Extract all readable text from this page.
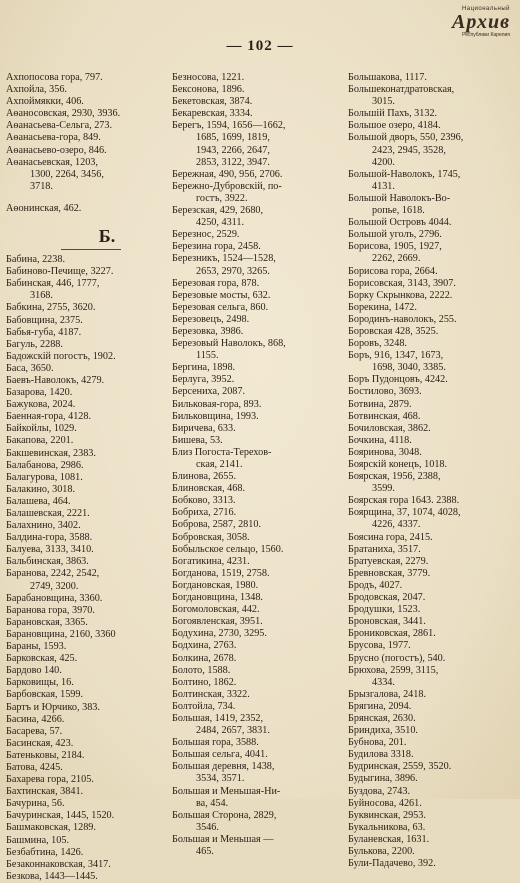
Национальный
Архив
Республики Карелия
— 102 —
Ахпопосова гора, 797.
Ахпойла, 356.
Ахпоймякки, 406.
Аѳаносовская, 2930, 3936.
Аѳанасьева-Сельга, 273.
Аѳанасьева-гора, 849.
Аѳанасьево-озеро, 846.
Аѳанасьевская, 1203,
1300, 2264, 3456,
3718.
Аѳонинская, 462.
Б.
Бабина, 2238.
Бабиново-Печище, 3227.
Бабинская, 446, 1777,
3168.
Бабкина, 2755, 3620.
Бабовщина, 2375.
Бабья-губа, 4187.
Багуль, 2288.
Бадожскій погостъ, 1902.
Баса, 3650.
Баевъ-Наволокъ, 4279.
Базарова, 1420.
Бажукова, 2024.
Баенная-гора, 4128.
Байкойлы, 1029.
Бакапова, 2201.
Бакшевинская, 2383.
Балабанова, 2986.
Балагурова, 1081.
Балакино, 3018.
Балашева, 464.
Балашевская, 2221.
Балахнино, 3402.
Балдина-гора, 3588.
Балуева, 3133, 3410.
Бальбинская, 3863.
Баранова, 2242, 2542,
2749, 3200.
Барабановщина, 3360.
Баранова гора, 3970.
Барановская, 3365.
Барановщина, 2160, 3360
Бараны, 1593.
Барковская, 425.
Бардово 140.
Барковищы, 16.
Барбовская, 1599.
Бартъ и Юрчико, 383.
Басина, 4266.
Басарева, 57.
Басинская, 423.
Батеньковы, 2184.
Батова, 4245.
Бахарева гора, 2105.
Бахтинская, 3841.
Бачурина, 56.
Бачуринская, 1445, 1520.
Башмаковская, 1289.
Башмина, 105.
Безбабтина, 1426.
Безаконнаковская, 3417.
Безкова, 1443—1445.
Безносова, 1221.
Бексонова, 1896.
Бекетовская, 3874.
Бекаревская, 3334.
Берегъ, 1594, 1656—1662,
1685, 1699, 1819,
1943, 2266, 2647,
2853, 3122, 3947.
Бережная, 490, 956, 2706.
Бережно-Дубровскій, по-
гостъ, 3922.
Березская, 429, 2680,
4250, 4311.
Березнос, 2529.
Березина гора, 2458.
Березникъ, 1524—1528,
2653, 2970, 3265.
Березовая гора, 878.
Березовые мосты, 632.
Березовая сельга, 860.
Березовецъ, 2498.
Березовка, 3986.
Березовый Наволокъ, 868,
1155.
Бергина, 1898.
Берлуга, 3952.
Берсениха, 2087.
Бильковая-гора, 893.
Бильковщина, 1993.
Биричева, 633.
Бишева, 53.
Близ Погоста-Терехов-
ская, 2141.
Блинова, 2655.
Блиновская, 468.
Бобково, 3313.
Бобриха, 2716.
Боброва, 2587, 2810.
Бобровская, 3058.
Бобыльское сельцо, 1560.
Богатикина, 4231.
Богданова, 1519, 2758.
Богдановская, 1980.
Богдановщина, 1348.
Богомоловская, 442.
Богоявленская, 3951.
Бодухина, 2730, 3295.
Бодхина, 2763.
Болкина, 2678.
Болото, 1588.
Болтино, 1862.
Болтинская, 3322.
Болтойла, 734.
Большая, 1419, 2352,
2484, 2657, 3831.
Большая гора, 3588.
Большая сельга, 4041.
Большая деревня, 1438,
3534, 3571.
Большая и Меньшая-Ни-
ва, 454.
Большая Сторона, 2829,
3546.
Большая и Меньшая —
465.
Большакова, 1117.
Большеконатдратовская,
3015.
Большій Пахъ, 3132.
Большое озеро, 4184.
Большой дворъ, 550, 2396,
2423, 2945, 3528,
4200.
Большой-Наволокъ, 1745,
4131.
Большой Наволокъ-Во-
ропье, 1618.
Большой Островъ 4044.
Большой уголъ, 2796.
Борисова, 1905, 1927,
2262, 2669.
Борисова гора, 2664.
Борисовская, 3143, 3907.
Борку Скрынкова, 2222.
Борекина, 1472.
Бородинъ-наволокъ, 255.
Боровская 428, 3525.
Боровъ, 3248.
Боръ, 916, 1347, 1673,
1698, 3040, 3385.
Боръ Пудонцовъ, 4242.
Бостилово, 3693.
Ботвина, 2879.
Ботвинская, 468.
Бочиловская, 3862.
Бочкина, 4118.
Бояринова, 3048.
Боярскій конецъ, 1018.
Боярская, 1956, 2388,
3599.
Боярская гора 1643. 2388.
Боярщина, 37, 1074, 4028,
4226, 4337.
Боясина гора, 2415.
Братаниха, 3517.
Братуевская, 2279.
Бревновская, 3779.
Бродъ, 4027.
Бродовская, 2047.
Бродушки, 1523.
Броновская, 3441.
Брониковская, 2861.
Брусова, 1977.
Брусно (погостъ), 540.
Брюхова, 2599, 3115,
4334.
Брызгалова, 2418.
Брягина, 2094.
Брянская, 2630.
Бриндиха, 3510.
Бубнова, 201.
Будилова 3318.
Будринская, 2559, 3520.
Будыгина, 3896.
Буздова, 2743.
Буйносова, 4261.
Буквинская, 2953.
Букальникова, 63.
Буланевская, 1631.
Булькова, 2200.
Були-Падачево, 392.
